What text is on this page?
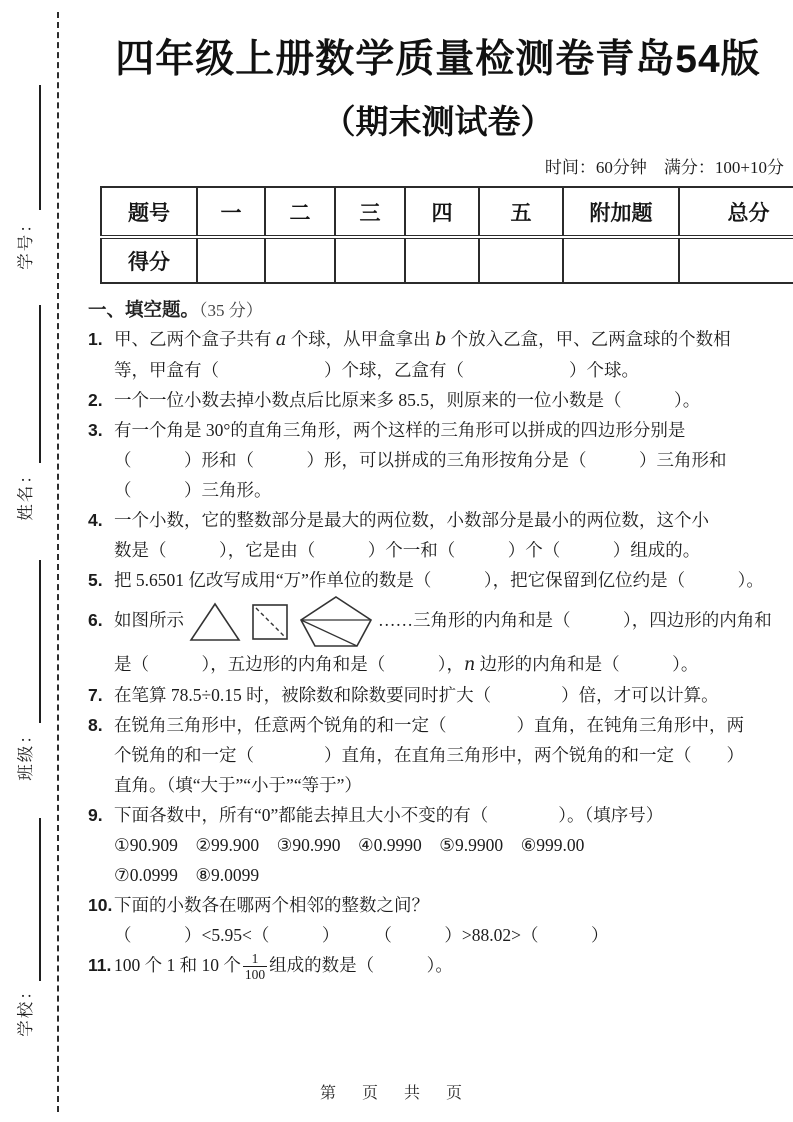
学号：
姓名：
班级：
学校：
四年级上册数学质量检测卷青岛54版
（期末测试卷）
时间：60分钟　满分：100+10分
题号	一	二	三	四	五	附加题	总分
得分							
一、填空题。（35 分）
1. 甲、乙两个盒子共有 a 个球，从甲盒拿出 b 个放入乙盒，甲、乙两盒球的个数相
等，甲盒有（　　　　　　）个球，乙盒有（　　　　　　）个球。
2. 一个一位小数去掉小数点后比原来多 85.5，则原来的一位小数是（　　　）。
3. 有一个角是 30°的直角三角形，两个这样的三角形可以拼成的四边形分别是
（　　　）形和（　　　）形，可以拼成的三角形按角分是（　　　）三角形和
（　　　）三角形。
4. 一个小数，它的整数部分是最大的两位数，小数部分是最小的两位数，这个小
数是（　　　），它是由（　　　）个一和（　　　）个（　　　）组成的。
5. 把 5.6501 亿改写成用“万”作单位的数是（　　　），把它保留到亿位约是（　　　）。
6. 如图所示	……三角形的内角和是（　　　），四边形的内角和
是（　　　），五边形的内角和是（　　　），n 边形的内角和是（　　　）。
7. 在笔算 78.5÷0.15 时，被除数和除数要同时扩大（　　　　）倍，才可以计算。
8. 在锐角三角形中，任意两个锐角的和一定（　　　　）直角，在钝角三角形中，两
个锐角的和一定（　　　　）直角，在直角三角形中，两个锐角的和一定（　　）
直角。（填“大于”“小于”“等于”）
9. 下面各数中，所有“0”都能去掉且大小不变的有（　　　　）。（填序号）
①90.909　②99.900　③90.990　④0.9990　⑤9.9900　⑥999.00
⑦0.0999　⑧9.0099
10.下面的小数各在哪两个相邻的整数之间？
（　　　）<5.95<（　　　）　　　（　　　）>88.02>（　　　）
11. 100 个 1 和 10 个 $\frac{1}{100}$ 组成的数是（　　　）。
第 页 共 页
